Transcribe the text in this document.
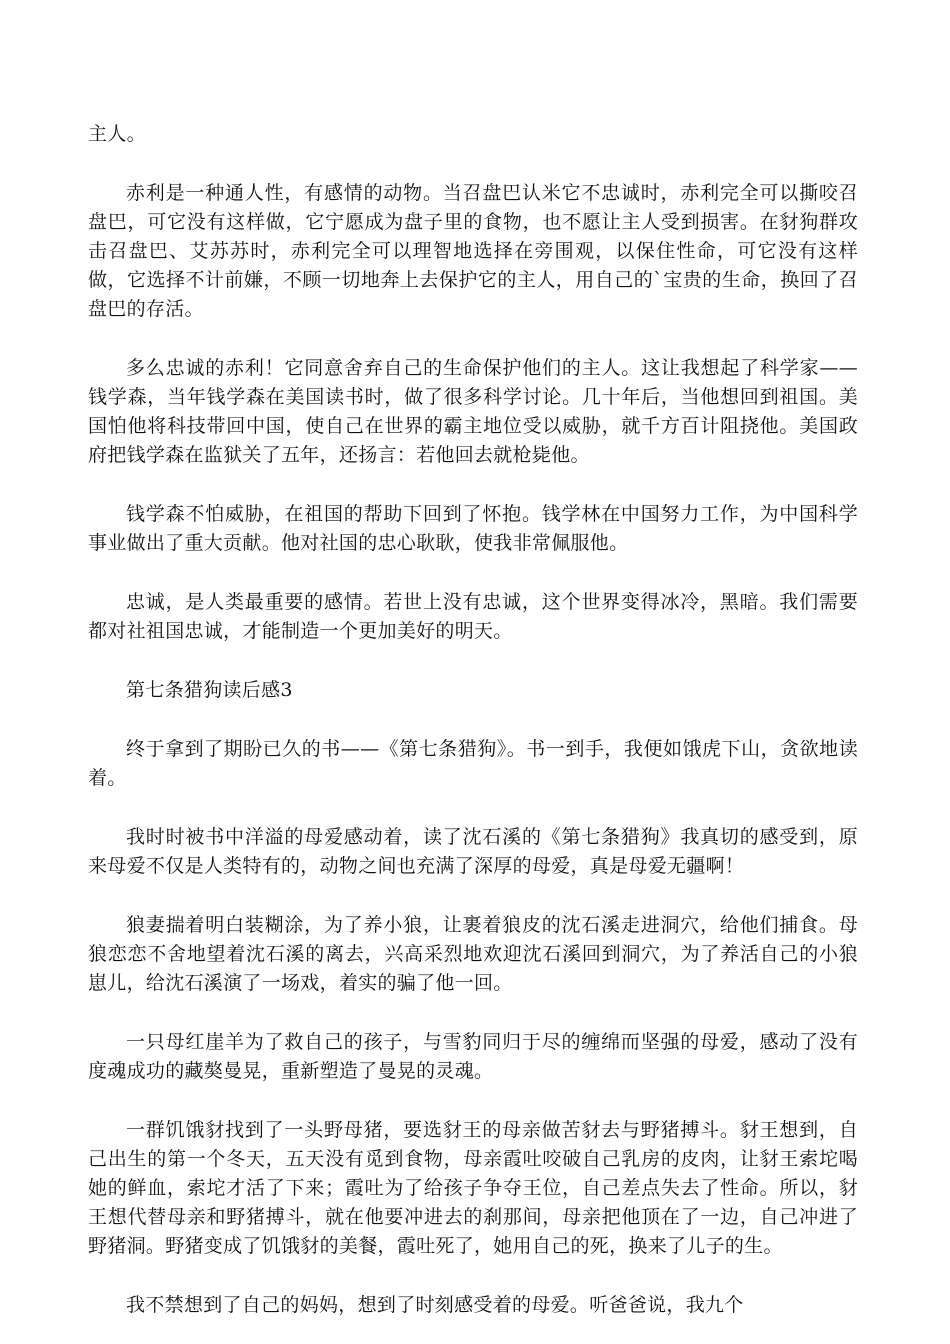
主人。

赤利是一种通人性，有感情的动物。当召盘巴认米它不忠诚时，赤利完全可以撕咬召盘巴，可它没有这样做，它宁愿成为盘子里的食物，也不愿让主人受到损害。在豺狗群攻击召盘巴、艾苏苏时，赤利完全可以理智地选择在旁围观，以保住性命，可它没有这样做，它选择不计前嫌，不顾一切地奔上去保护它的主人，用自己的`宝贵的生命，换回了召盘巴的存活。

多么忠诚的赤利！它同意舍弃自己的生命保护他们的主人。这让我想起了科学家——钱学森，当年钱学森在美国读书时，做了很多科学讨论。几十年后，当他想回到祖国。美国怕他将科技带回中国，使自己在世界的霸主地位受以威胁，就千方百计阻挠他。美国政府把钱学森在监狱关了五年，还扬言：若他回去就枪毙他。

钱学森不怕威胁，在祖国的帮助下回到了怀抱。钱学林在中国努力工作，为中国科学事业做出了重大贡献。他对社国的忠心耿耿，使我非常佩服他。

忠诚，是人类最重要的感情。若世上没有忠诚，这个世界变得冰冷，黑暗。我们需要都对社祖国忠诚，才能制造一个更加美好的明天。

第七条猎狗读后感3

终于拿到了期盼已久的书——《第七条猎狗》。书一到手，我便如饿虎下山，贪欲地读着。

我时时被书中洋溢的母爱感动着，读了沈石溪的《第七条猎狗》我真切的感受到，原来母爱不仅是人类特有的，动物之间也充满了深厚的母爱，真是母爱无疆啊！

狼妻揣着明白装糊涂，为了养小狼，让裹着狼皮的沈石溪走进洞穴，给他们捕食。母狼恋恋不舍地望着沈石溪的离去，兴高采烈地欢迎沈石溪回到洞穴，为了养活自己的小狼崽儿，给沈石溪演了一场戏，着实的骗了他一回。

一只母红崖羊为了救自己的孩子，与雪豹同归于尽的缠绵而坚强的母爱，感动了没有度魂成功的藏獒曼晃，重新塑造了曼晃的灵魂。

一群饥饿豺找到了一头野母猪，要选豺王的母亲做苦豺去与野猪搏斗。豺王想到，自己出生的第一个冬天，五天没有觅到食物，母亲霞吐咬破自己乳房的皮肉，让豺王索坨喝她的鲜血，索坨才活了下来；霞吐为了给孩子争夺王位，自己差点失去了性命。所以，豺王想代替母亲和野猪搏斗，就在他要冲进去的刹那间，母亲把他顶在了一边，自己冲进了野猪洞。野猪变成了饥饿豺的美餐，霞吐死了，她用自己的死，换来了儿子的生。

我不禁想到了自己的妈妈，想到了时刻感受着的母爱。听爸爸说，我九个
